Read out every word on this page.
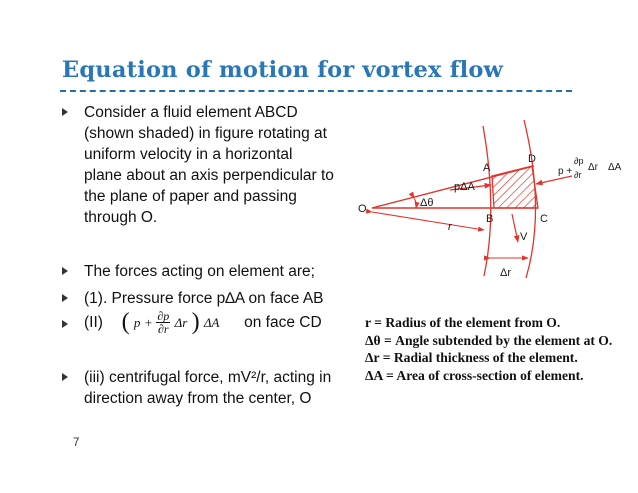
Equation of motion for vortex flow
Consider a fluid element ABCD
(shown shaded) in figure rotating at
uniform velocity in a horizontal
plane about an axis perpendicular to
the plane of paper and passing
through O.
The forces acting on element are;
(1). Pressure force p∆A on face AB
(II) ( $p + \frac{\partial p}{\partial r}$ Δr ) ΔA on face CD
(iii) centrifugal force, mV²/r, acting in
direction away from the center, O
7
O
A
B	C
D
Δθ
pΔA
r
V
Δr
p +
∂p
∂r
Δr ΔA
r = Radius of the element from O.
Δθ = Angle subtended by the element at O.
Δr = Radial thickness of the element.
ΔA = Area of cross-section of element.
